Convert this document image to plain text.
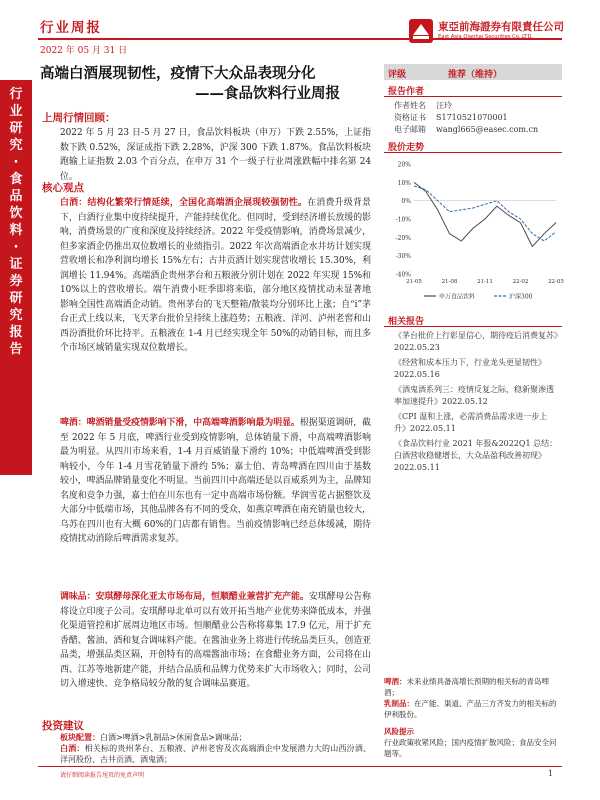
行业周报
2022 年 05 月 31 日
東亞前海證券有限責任公司
East Asia Qianhai Securities Co.,LTD.
行
业
研
究
·
食
品
饮
料
·
证
券
研
究
报
告
高端白酒展现韧性，疫情下大众品表现分化
——食品饮料行业周报
上周行情回顾：
2022 年 5 月 23 日-5 月 27 日，食品饮料板块（申万）下跌 2.55%，上证指数下跌 0.52%，深证成指下跌 2.28%，沪深 300 下跌 1.87%。食品饮料板块跑输上证指数 2.03 个百分点，在申万 31 个一级子行业周涨跌幅中排名第 24 位。
核心观点
白酒：结构化繁荣行情延续，全国化高端酒企展现较强韧性。在消费升级背景下，白酒行业集中度持续提升，产能持续优化。但同时，受到经济增长放缓的影响，消费场景的广度和深度及持续经济。2022 年受疫情影响，消费场景减少，但多家酒企仍推出双位数增长的业绩指引。2022 年次高端酒企水井坊计划实现营收增长和净利润均增长 15%左右；古井贡酒计划实现营收增长 15.30%，利润增长 11.94%。高端酒企贵州茅台和五粮液分别计划在 2022 年实现 15%和 10%以上的营收增长。端午消费小旺季即将来临，部分地区疫情扰动未显著地影响全国性高端酒企动销。贵州茅台的飞天整箱/散装均分别环比上涨；自“i”茅台正式上线以来，飞天茅台批价呈持续上涨趋势；五粮液、洋河、泸州老窖和山西汾酒批价环比持平。五粮液在 1-4 月已经实现全年 50%的动销目标，而且多个市场区域销量实现双位数增长。
啤酒：啤酒销量受疫情影响下滑，中高端啤酒影响最为明显。根据渠道调研，截至 2022 年 5 月底，啤酒行业受到疫情影响，总体销量下滑，中高端啤酒影响最为明显。从四川市场来看，1-4 月百威销量下滑约 10%；中低端啤酒受到影响较小，今年 1-4 月雪花销量下滑约 5%；嘉士伯、青岛啤酒在四川由于基数较小，啤酒品牌销量变化不明显。当前四川中高端还是以百威系列为主，品牌知名度和竞争力强，嘉士伯在川东也有一定中高端市场份额。华润雪花占据整饮及大部分中低端市场，其他品牌各有不同的受众，如燕京啤酒在南充销量也较大，乌苏在四川也有大概 60%的门店都有销售。当前疫情影响已经总体缓减，期待疫情扰动消除后啤酒需求复苏。
调味品：安琪酵母深化亚太市场布局，恒顺醋业兼营扩充产能。安琪酵母公告称将设立印度子公司。安琪酵母北单可以有效开拓当地产业优势来降低成本，并强化渠道管控和扩展周边地区市场。恒顺醋业公告称将募集 17.9 亿元，用于扩充香醋、酱油、酒和复合调味料产能。在酱油业务上将进行传统品类巨头，创造亚品类，增强品类区隔，开创特有的高端酱油市场；在食醋业务方面，公司将在山西、江苏等地新建产能，并结合品质和品牌力优势来扩大市场收入；同时，公司切入增速快、竞争格局较分散的复合调味品赛道。
投资建议
板块配置：白酒>啤酒>乳制品>休闲食品>调味品；
白酒：相关标的贵州茅台、五粮液、泸州老窖及次高端酒企中发展潜力大的山西汾酒、洋河股份、古井贡酒、酒鬼酒；
啤酒：未来业绩具备高增长预期的相关标的青岛啤酒；
乳制品：在产能、渠道、产品三方齐发力的相关标的伊利股份。
风险提示
行业政策收紧风险；国内疫情扩散风险；食品安全问题等。
评级	推荐（维持）
报告作者
作者姓名 汪玲
资格证书 S1710521070001
电子邮箱 wangl665@easec.com.cn
股价走势
20%
10%
0%
-10%
-20%
-30%
-40%
21-05	21-08	21-11	22-02	22-05
申万食品饮料	沪深300
相关报告
《茅台批价上行彰显信心，期待疫后消费复苏》2022.05.23
《经营和成本压力下，行业龙头更显韧性》2022.05.16
《酒鬼酒系列三：疫情反复之际，稳新聚渗透率加速提升》2022.05.12
《CPI 温和上涨，必需消费品需求进一步上升》2022.05.11
《食品饮料行业 2021 年报&2022Q1 总结：白酒营收稳健增长，大众品盈利改善初现》2022.05.11
请仔细阅读报告尾页的免责声明	1
